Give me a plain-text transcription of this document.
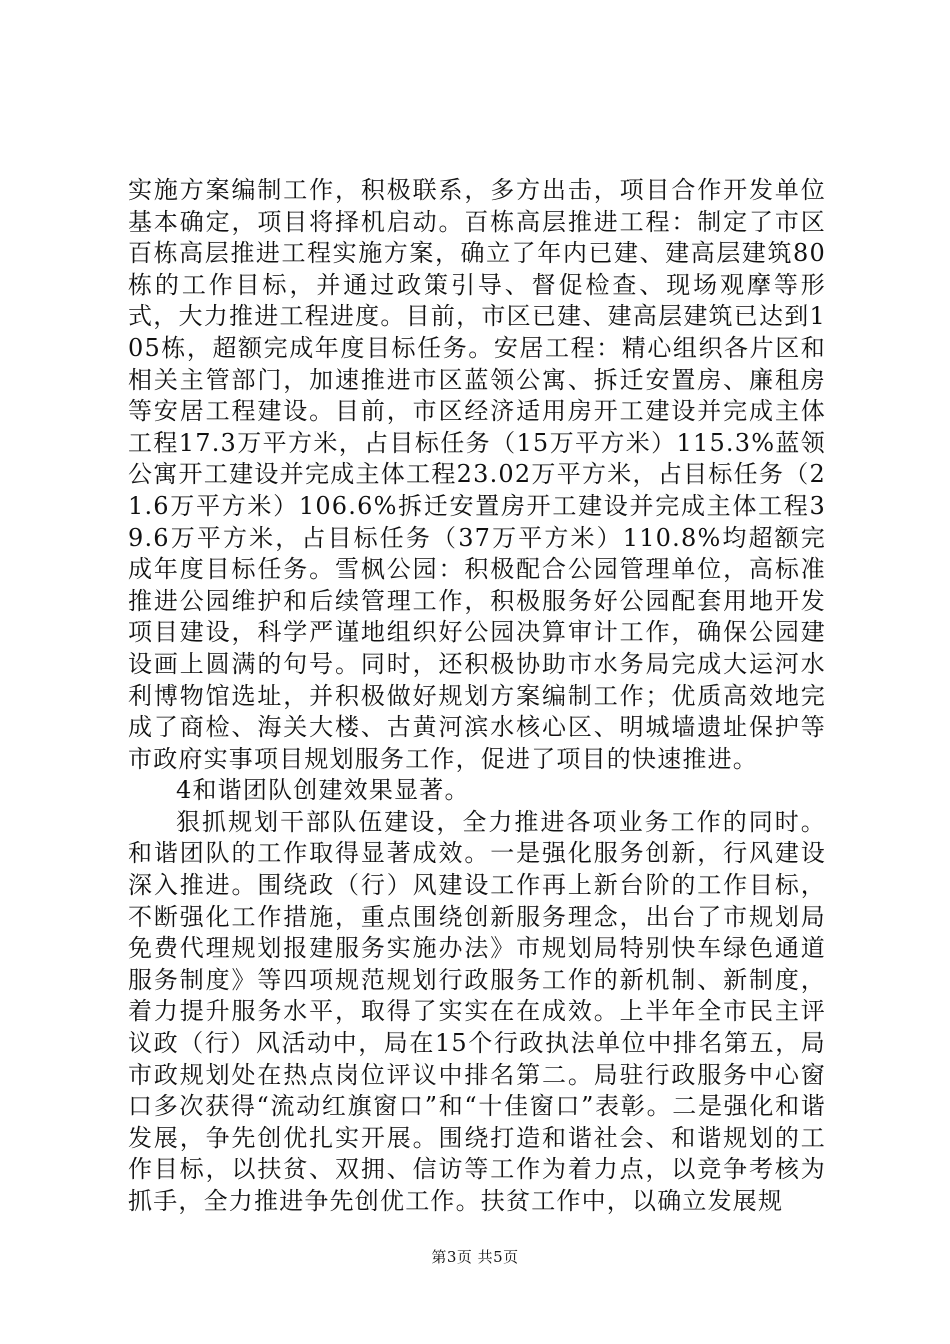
实施方案编制工作，积极联系，多方出击，项目合作开发单位基本确定，项目将择机启动。百栋高层推进工程：制定了市区百栋高层推进工程实施方案，确立了年内已建、建高层建筑80栋的工作目标，并通过政策引导、督促检查、现场观摩等形式，大力推进工程进度。目前，市区已建、建高层建筑已达到105栋，超额完成年度目标任务。安居工程：精心组织各片区和相关主管部门，加速推进市区蓝领公寓、拆迁安置房、廉租房等安居工程建设。目前，市区经济适用房开工建设并完成主体工程17.3万平方米，占目标任务（15万平方米）115.3%蓝领公寓开工建设并完成主体工程23.02万平方米，占目标任务（21.6万平方米）106.6%拆迁安置房开工建设并完成主体工程39.6万平方米，占目标任务（37万平方米）110.8%均超额完成年度目标任务。雪枫公园：积极配合公园管理单位，高标准推进公园维护和后续管理工作，积极服务好公园配套用地开发项目建设，科学严谨地组织好公园决算审计工作，确保公园建设画上圆满的句号。同时，还积极协助市水务局完成大运河水利博物馆选址，并积极做好规划方案编制工作；优质高效地完成了商检、海关大楼、古黄河滨水核心区、明城墙遗址保护等市政府实事项目规划服务工作，促进了项目的快速推进。

4和谐团队创建效果显著。

狠抓规划干部队伍建设，全力推进各项业务工作的同时。和谐团队的工作取得显著成效。一是强化服务创新，行风建设深入推进。围绕政（行）风建设工作再上新台阶的工作目标，不断强化工作措施，重点围绕创新服务理念，出台了市规划局免费代理规划报建服务实施办法》市规划局特别快车绿色通道服务制度》等四项规范规划行政服务工作的新机制、新制度，着力提升服务水平，取得了实实在在成效。上半年全市民主评议政（行）风活动中，局在15个行政执法单位中排名第五，局市政规划处在热点岗位评议中排名第二。局驻行政服务中心窗口多次获得“流动红旗窗口”和“十佳窗口”表彰。二是强化和谐发展，争先创优扎实开展。围绕打造和谐社会、和谐规划的工作目标，以扶贫、双拥、信访等工作为着力点，以竞争考核为抓手，全力推进争先创优工作。扶贫工作中，以确立发展规

第3页 共5页
